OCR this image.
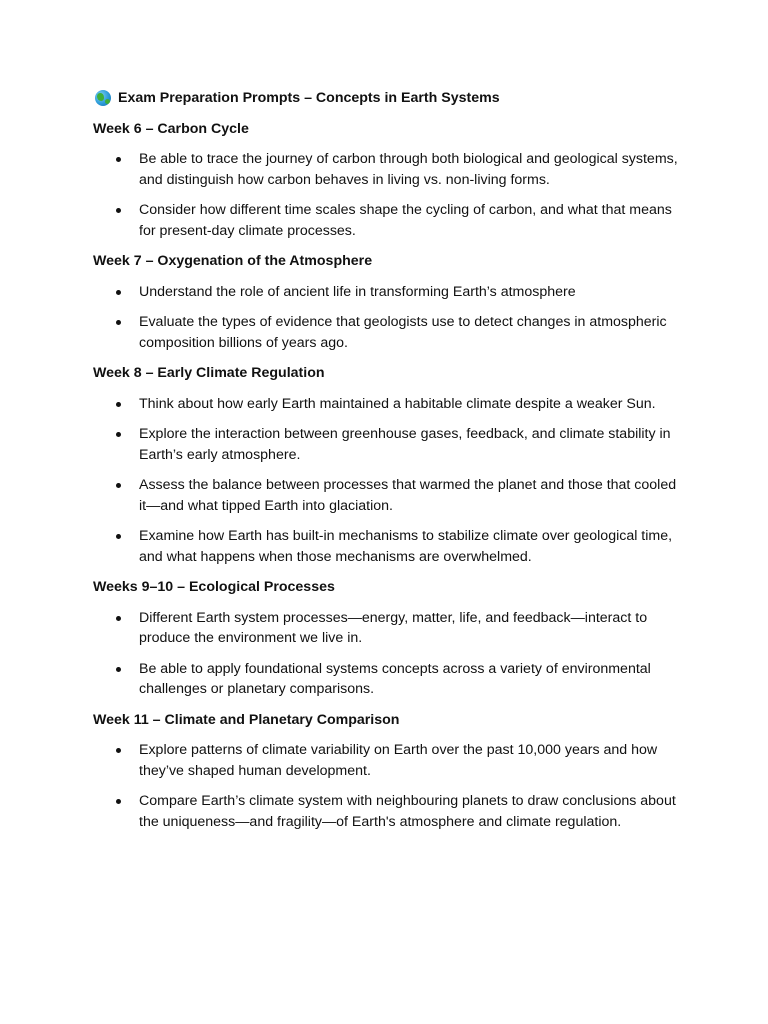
Exam Preparation Prompts – Concepts in Earth Systems
Week 6 – Carbon Cycle
Be able to trace the journey of carbon through both biological and geological systems, and distinguish how carbon behaves in living vs. non-living forms.
Consider how different time scales shape the cycling of carbon, and what that means for present-day climate processes.
Week 7 – Oxygenation of the Atmosphere
Understand the role of ancient life in transforming Earth’s atmosphere
Evaluate the types of evidence that geologists use to detect changes in atmospheric composition billions of years ago.
Week 8 – Early Climate Regulation
Think about how early Earth maintained a habitable climate despite a weaker Sun.
Explore the interaction between greenhouse gases, feedback, and climate stability in Earth’s early atmosphere.
Assess the balance between processes that warmed the planet and those that cooled it—and what tipped Earth into glaciation.
Examine how Earth has built-in mechanisms to stabilize climate over geological time, and what happens when those mechanisms are overwhelmed.
Weeks 9–10 – Ecological Processes
Different Earth system processes—energy, matter, life, and feedback—interact to produce the environment we live in.
Be able to apply foundational systems concepts across a variety of environmental challenges or planetary comparisons.
Week 11 – Climate and Planetary Comparison
Explore patterns of climate variability on Earth over the past 10,000 years and how they’ve shaped human development.
Compare Earth’s climate system with neighbouring planets to draw conclusions about the uniqueness—and fragility—of Earth's atmosphere and climate regulation.
